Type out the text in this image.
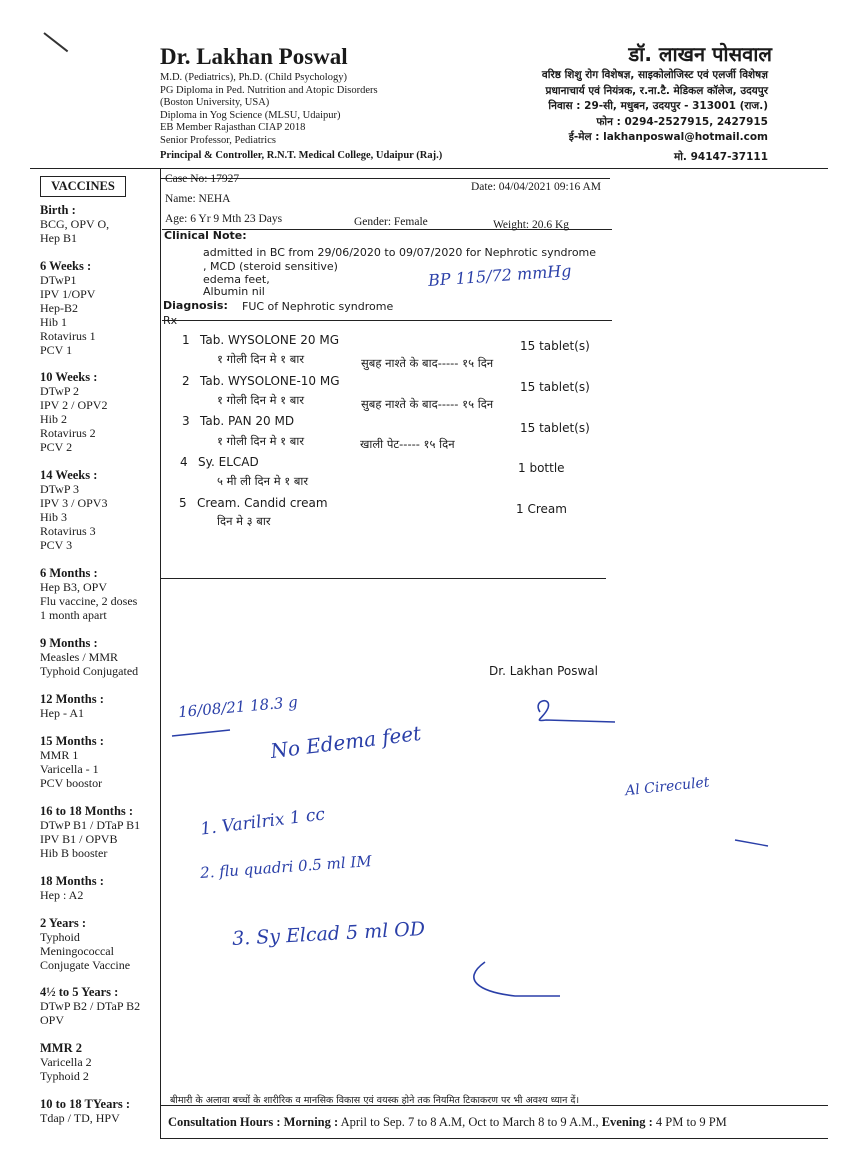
Dr. Lakhan Poswal
M.D. (Pediatrics), Ph.D. (Child Psychology)
PG Diploma in Ped. Nutrition and Atopic Disorders
(Boston University, USA)
Diploma in Yog Science (MLSU, Udaipur)
EB Member Rajasthan CIAP 2018
Senior Professor, Pediatrics
Principal & Controller, R.N.T. Medical College, Udaipur (Raj.)
डॉ. लाखन पोसवाल
वरिष्ठ शिशु रोग विशेषज्ञ, साइकोलोजिस्ट एवं एलर्जी विशेषज्ञ
प्रधानाचार्य एवं नियंत्रक, र.ना.टै. मेडिकल कॉलेज, उदयपुर
निवास : 29-सी, मधुबन, उदयपुर - 313001 (राज.)
फोन : 0294-2527915, 2427915
ई-मेल : lakhanposwal@hotmail.com
मो. 94147-37111
VACCINES
Birth :
BCG, OPV O,
Hep B1
6 Weeks :
DTwP1
IPV 1/OPV
Hep-B2
Hib 1
Rotavirus 1
PCV 1
10 Weeks :
DTwP 2
IPV 2 / OPV2
Hib 2
Rotavirus 2
PCV 2
14 Weeks :
DTwP 3
IPV 3 / OPV3
Hib 3
Rotavirus 3
PCV 3
6 Months :
Hep B3, OPV
Flu vaccine, 2 doses
1 month apart
9 Months :
Measles / MMR
Typhoid Conjugated
12 Months :
Hep - A1
15 Months :
MMR 1
Varicella - 1
PCV boostor
16 to 18 Months :
DTwP B1 / DTaP B1
IPV B1 / OPVB
Hib B booster
18 Months :
Hep : A2
2 Years :
Typhoid
Meningococcal
Conjugate Vaccine
4½ to 5 Years :
DTwP B2 / DTaP B2
OPV
MMR 2
Varicella 2
Typhoid 2
10 to 18 TYears :
Tdap / TD, HPV
Case No: 17927
Date: 04/04/2021 09:16 AM
Name: NEHA
Age: 6 Yr 9 Mth 23 Days	Gender: Female	Weight: 20.6 Kg
Clinical Note:
admitted in BC from 29/06/2020 to 09/07/2020 for Nephrotic syndrome
, MCD (steroid sensitive)
edema feet,
Albumin nil
BP 115/72 mmHg
Diagnosis: FUC of Nephrotic syndrome
Rx
1 Tab. WYSOLONE 20 MG	15 tablet(s)
१ गोली दिन मे १ बार	सुबह नाश्ते के बाद----- १५ दिन
2 Tab. WYSOLONE-10 MG	15 tablet(s)
१ गोली दिन मे १ बार	सुबह नाश्ते के बाद----- १५ दिन
3 Tab. PAN 20 MD	15 tablet(s)
१ गोली दिन मे १ बार	खाली पेट----- १५ दिन
4 Sy. ELCAD	1 bottle
५ मी ली दिन मे १ बार
5 Cream. Candid cream	1 Cream
दिन मे ३ बार
Dr. Lakhan Poswal
16/08/21 18.3 g
No Edema feet
1. Varilrix 1 cc
2. flu quadri 0.5 ml IM
3. Sy Elcad 5 ml OD
Al Cireculet
बीमारी के अलावा बच्चों के शारीरिक व मानसिक विकास एवं वयस्क होने तक नियमित टिकाकरण पर भी अवश्य ध्यान दें।
Consultation Hours : Morning : April to Sep. 7 to 8 A.M, Oct to March 8 to 9 A.M., Evening : 4 PM to 9 PM
